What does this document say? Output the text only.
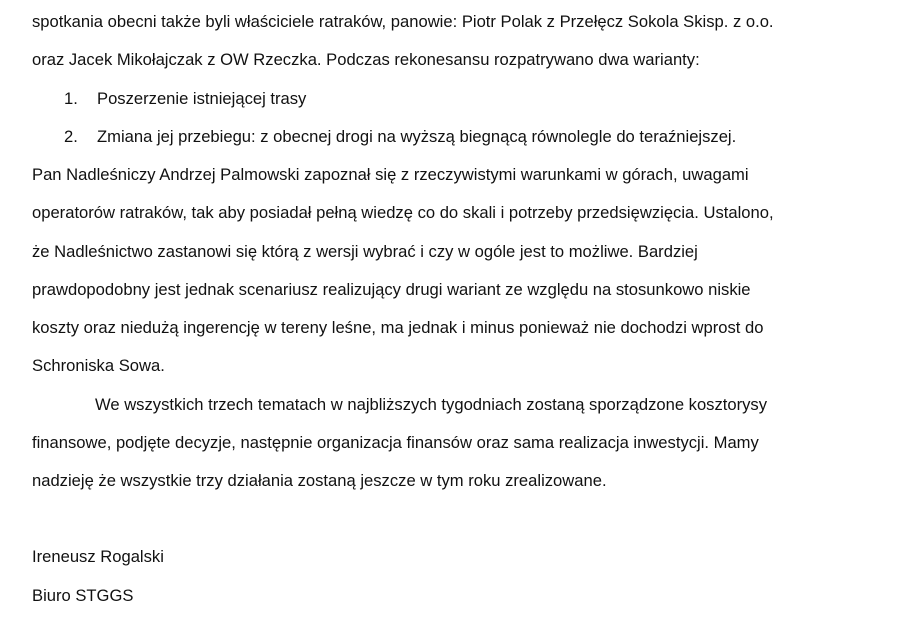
spotkania obecni także byli właściciele ratraków, panowie: Piotr Polak z Przełęcz Sokola Skisp. z o.o.
oraz Jacek Mikołajczak z OW Rzeczka. Podczas rekonesansu rozpatrywano dwa warianty:
1. Poszerzenie istniejącej trasy
2. Zmiana jej przebiegu: z obecnej drogi na wyższą biegnącą równolegle do teraźniejszej.
Pan Nadleśniczy Andrzej Palmowski zapoznał się z rzeczywistymi warunkami w górach, uwagami
operatorów ratraków, tak aby posiadał pełną wiedzę co do skali i potrzeby przedsięwzięcia. Ustalono,
że Nadleśnictwo zastanowi się którą z wersji wybrać i czy w ogóle jest to możliwe. Bardziej
prawdopodobny jest jednak scenariusz realizujący drugi wariant ze względu na stosunkowo niskie
koszty oraz niedużą ingerencję w tereny leśne, ma jednak i minus ponieważ nie dochodzi wprost do
Schroniska Sowa.
We wszystkich trzech tematach w najbliższych tygodniach zostaną sporządzone kosztorysy
finansowe, podjęte decyzje, następnie organizacja finansów oraz sama realizacja inwestycji. Mamy
nadzieję że wszystkie trzy działania zostaną jeszcze w tym roku zrealizowane.
Ireneusz Rogalski
Biuro STGGS
